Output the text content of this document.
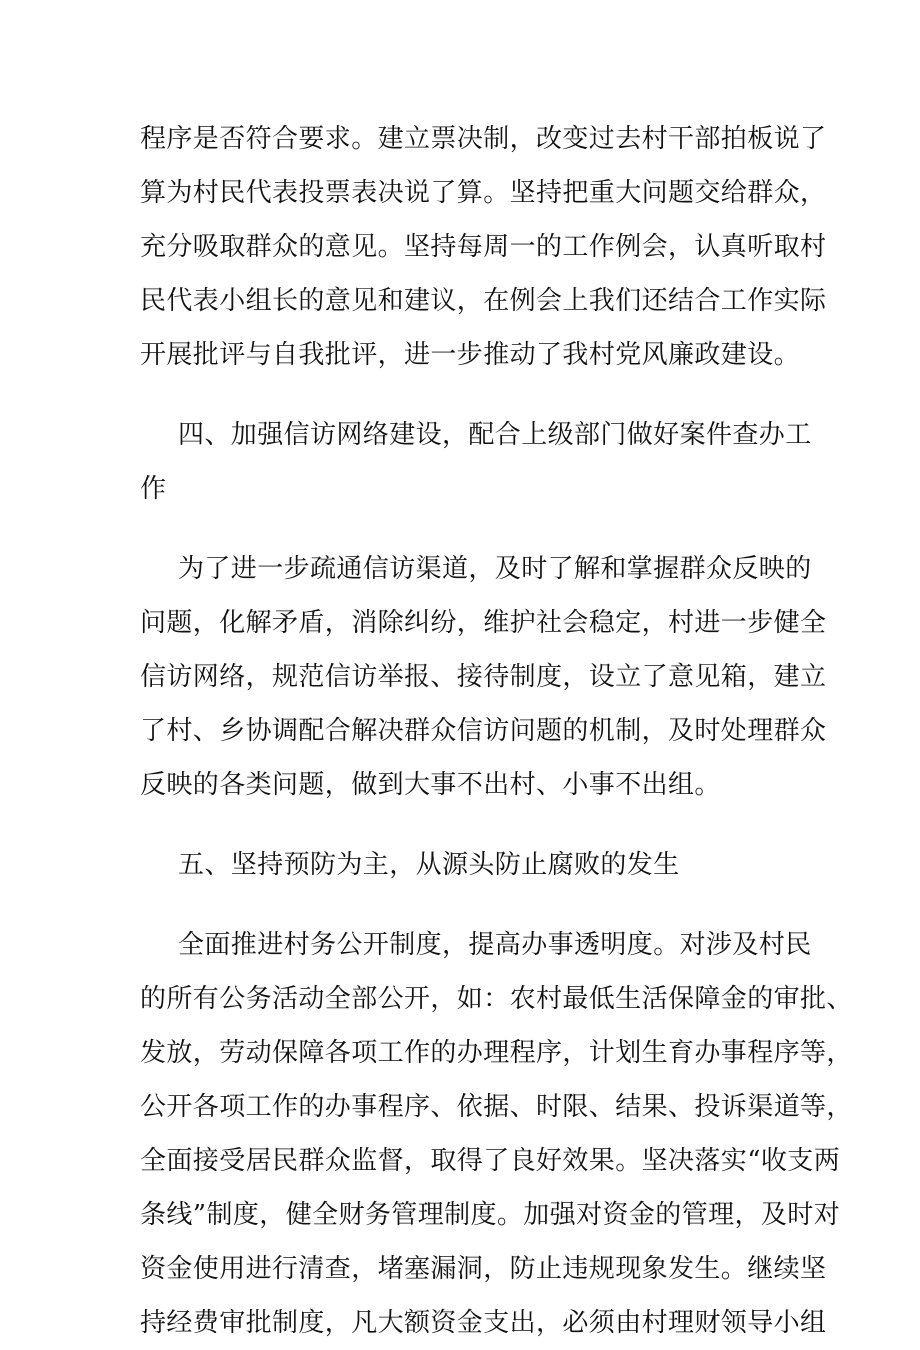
程序是否符合要求。建立票决制，改变过去村干部拍板说了
算为村民代表投票表决说了算。坚持把重大问题交给群众，
充分吸取群众的意见。坚持每周一的工作例会，认真听取村
民代表小组长的意见和建议，在例会上我们还结合工作实际
开展批评与自我批评，进一步推动了我村党风廉政建设。
四、加强信访网络建设，配合上级部门做好案件查办工
作
为了进一步疏通信访渠道，及时了解和掌握群众反映的
问题，化解矛盾，消除纠纷，维护社会稳定，村进一步健全
信访网络，规范信访举报、接待制度，设立了意见箱，建立
了村、乡协调配合解决群众信访问题的机制，及时处理群众
反映的各类问题，做到大事不出村、小事不出组。
五、坚持预防为主，从源头防止腐败的发生
全面推进村务公开制度，提高办事透明度。对涉及村民
的所有公务活动全部公开，如：农村最低生活保障金的审批、
发放，劳动保障各项工作的办理程序，计划生育办事程序等，
公开各项工作的办事程序、依据、时限、结果、投诉渠道等，
全面接受居民群众监督，取得了良好效果。坚决落实“收支两
条线”制度，健全财务管理制度。加强对资金的管理，及时对
资金使用进行清查，堵塞漏洞，防止违规现象发生。继续坚
持经费审批制度，凡大额资金支出，必须由村理财领导小组
